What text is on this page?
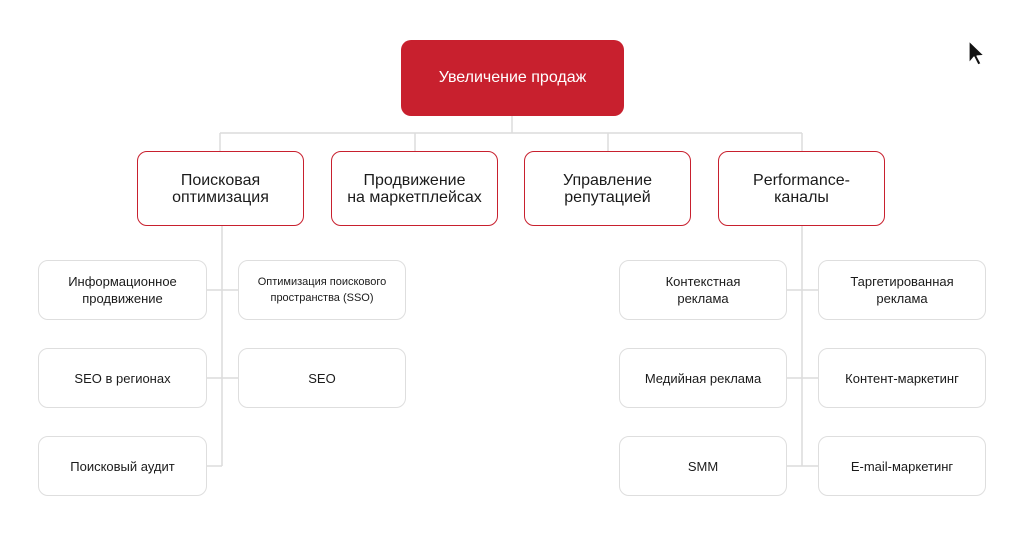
Увеличение продаж
Поисковая
оптимизация
Продвижение
на маркетплейсах
Управление
репутацией
Performance-
каналы
Информационное
продвижение
Оптимизация поискового
пространства (SSO)
SEO в регионах	SEO
Поисковый аудит
Контекстная
реклама
Таргетированная
реклама
Медийная реклама	Контент-маркетинг
SMM	E-mail-маркетинг
